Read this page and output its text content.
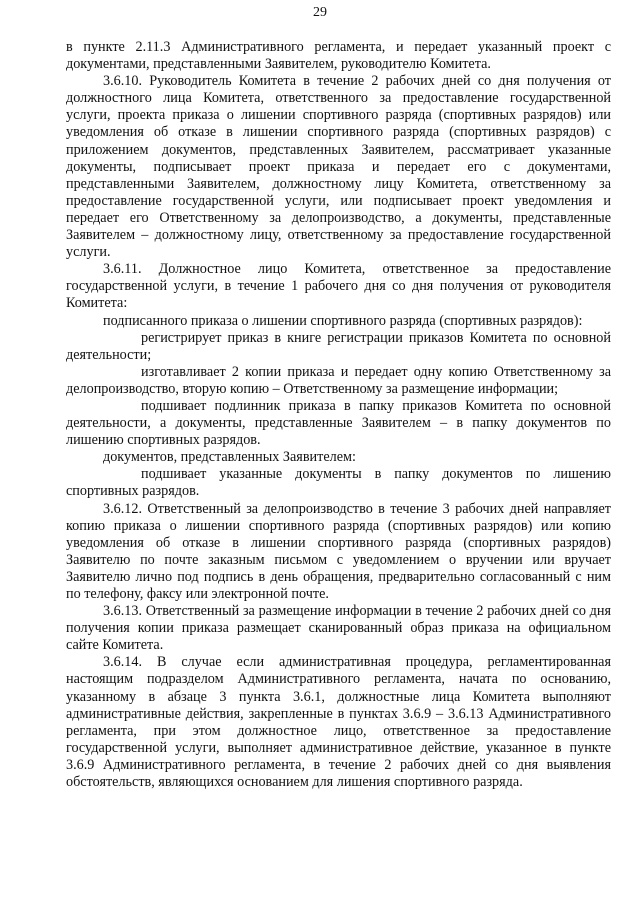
29

в пункте 2.11.3 Административного регламента, и передает указанный проект с документами, представленными Заявителем, руководителю Комитета.

3.6.10. Руководитель Комитета в течение 2 рабочих дней со дня получения от должностного лица Комитета, ответственного за предоставление государственной услуги, проекта приказа о лишении спортивного разряда (спортивных разрядов) или уведомления об отказе в лишении спортивного разряда (спортивных разрядов) с приложением документов, представленных Заявителем, рассматривает указанные документы, подписывает проект приказа и передает его с документами, представленными Заявителем, должностному лицу Комитета, ответственному за предоставление государственной услуги, или подписывает проект уведомления и передает его Ответственному за делопроизводство, а документы, представленные Заявителем – должностному лицу, ответственному за предоставление государственной услуги.

3.6.11. Должностное лицо Комитета, ответственное за предоставление государственной услуги, в течение 1 рабочего дня со дня получения от руководителя Комитета:

подписанного приказа о лишении спортивного разряда (спортивных разрядов):

регистрирует приказ в книге регистрации приказов Комитета по основной деятельности;

изготавливает 2 копии приказа и передает одну копию Ответственному за делопроизводство, вторую копию – Ответственному за размещение информации;

подшивает подлинник приказа в папку приказов Комитета по основной деятельности, а документы, представленные Заявителем – в папку документов по лишению спортивных разрядов.

документов, представленных Заявителем:

подшивает указанные документы в папку документов по лишению спортивных разрядов.

3.6.12. Ответственный за делопроизводство в течение 3 рабочих дней направляет копию приказа о лишении спортивного разряда (спортивных разрядов) или копию уведомления об отказе в лишении спортивного разряда (спортивных разрядов) Заявителю по почте заказным письмом с уведомлением о вручении или вручает Заявителю лично под подпись в день обращения, предварительно согласованный с ним по телефону, факсу или электронной почте.

3.6.13. Ответственный за размещение информации в течение 2 рабочих дней со дня получения копии приказа размещает сканированный образ приказа на официальном сайте Комитета.

3.6.14. В случае если административная процедура, регламентированная настоящим подразделом Административного регламента, начата по основанию, указанному в абзаце 3 пункта 3.6.1, должностные лица Комитета выполняют административные действия, закрепленные в пунктах 3.6.9 – 3.6.13 Административного регламента, при этом должностное лицо, ответственное за предоставление государственной услуги, выполняет административное действие, указанное в пункте 3.6.9 Административного регламента, в течение 2 рабочих дней со дня выявления обстоятельств, являющихся основанием для лишения спортивного разряда.
